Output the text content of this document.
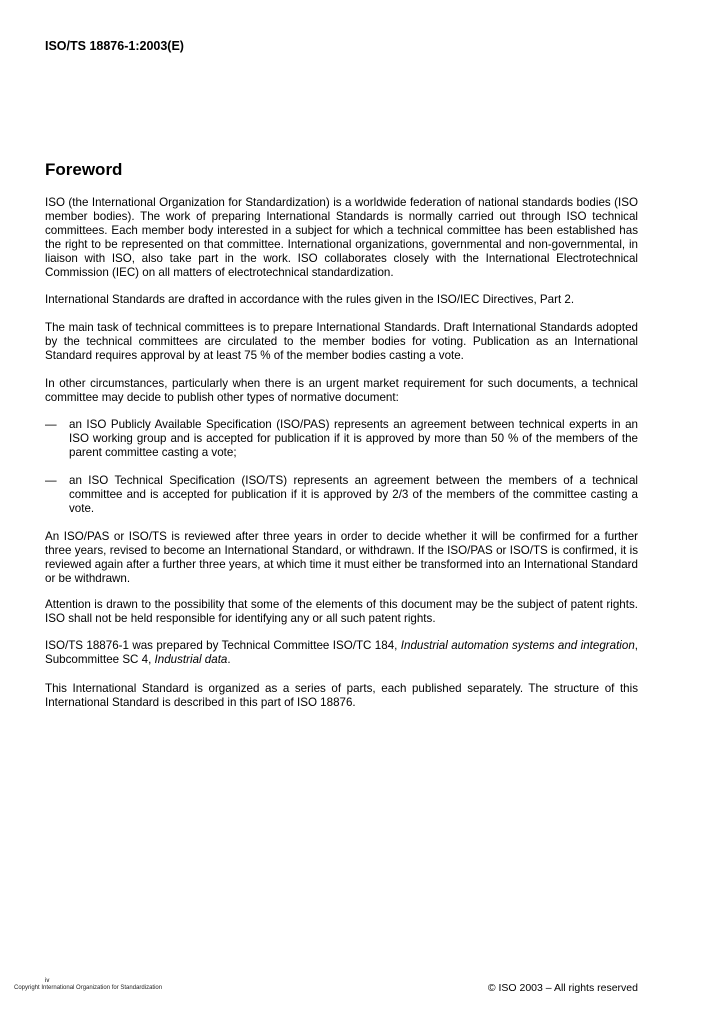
ISO/TS 18876-1:2003(E)
Foreword

ISO (the International Organization for Standardization) is a worldwide federation of national standards bodies (ISO member bodies). The work of preparing International Standards is normally carried out through ISO technical committees. Each member body interested in a subject for which a technical committee has been established has the right to be represented on that committee. International organizations, governmental and non-governmental, in liaison with ISO, also take part in the work. ISO collaborates closely with the International Electrotechnical Commission (IEC) on all matters of electrotechnical standardization.

International Standards are drafted in accordance with the rules given in the ISO/IEC Directives, Part 2.

The main task of technical committees is to prepare International Standards. Draft International Standards adopted by the technical committees are circulated to the member bodies for voting. Publication as an International Standard requires approval by at least 75 % of the member bodies casting a vote.

In other circumstances, particularly when there is an urgent market requirement for such documents, a technical committee may decide to publish other types of normative document:

— an ISO Publicly Available Specification (ISO/PAS) represents an agreement between technical experts in an ISO working group and is accepted for publication if it is approved by more than 50 % of the members of the parent committee casting a vote;
— an ISO Technical Specification (ISO/TS) represents an agreement between the members of a technical committee and is accepted for publication if it is approved by 2/3 of the members of the committee casting a vote.

An ISO/PAS or ISO/TS is reviewed after three years in order to decide whether it will be confirmed for a further three years, revised to become an International Standard, or withdrawn. If the ISO/PAS or ISO/TS is confirmed, it is reviewed again after a further three years, at which time it must either be transformed into an International Standard or be withdrawn.

Attention is drawn to the possibility that some of the elements of this document may be the subject of patent rights. ISO shall not be held responsible for identifying any or all such patent rights.

ISO/TS 18876-1 was prepared by Technical Committee ISO/TC 184, Industrial automation systems and integration, Subcommittee SC 4, Industrial data.

This International Standard is organized as a series of parts, each published separately. The structure of this International Standard is described in this part of ISO 18876.

iv
Copyright International Organization for Standardization	© ISO 2003 – All rights reserved
